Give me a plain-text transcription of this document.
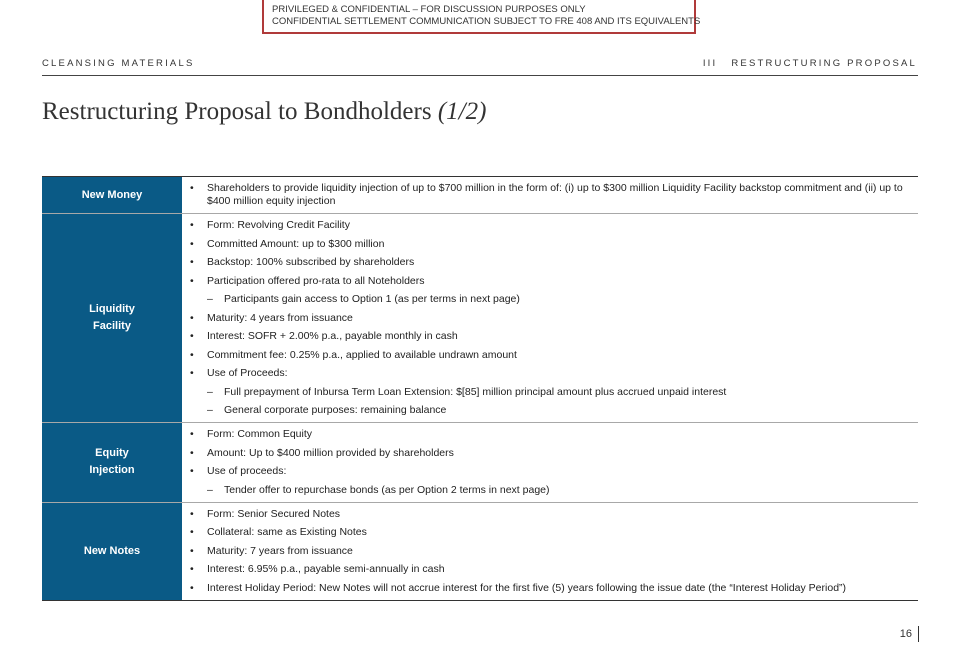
PRIVILEGED & CONFIDENTIAL – FOR DISCUSSION PURPOSES ONLY
CONFIDENTIAL SETTLEMENT COMMUNICATION SUBJECT TO FRE 408 AND ITS EQUIVALENTS
CLEANSING MATERIALS	III RESTRUCTURING PROPOSAL
Restructuring Proposal to Bondholders (1/2)
New Money
• Shareholders to provide liquidity injection of up to $700 million in the form of: (i) up to $300 million Liquidity Facility backstop commitment and (ii) up to $400 million equity injection
Liquidity
Facility
• Form: Revolving Credit Facility
• Committed Amount: up to $300 million
• Backstop: 100% subscribed by shareholders
• Participation offered pro-rata to all Noteholders
– Participants gain access to Option 1 (as per terms in next page)
• Maturity: 4 years from issuance
• Interest: SOFR + 2.00% p.a., payable monthly in cash
• Commitment fee: 0.25% p.a., applied to available undrawn amount
• Use of Proceeds:
– Full prepayment of Inbursa Term Loan Extension: $[85] million principal amount plus accrued unpaid interest
– General corporate purposes: remaining balance
Equity
Injection
• Form: Common Equity
• Amount: Up to $400 million provided by shareholders
• Use of proceeds:
– Tender offer to repurchase bonds (as per Option 2 terms in next page)
New Notes
• Form: Senior Secured Notes
• Collateral: same as Existing Notes
• Maturity: 7 years from issuance
• Interest: 6.95% p.a., payable semi-annually in cash
• Interest Holiday Period: New Notes will not accrue interest for the first five (5) years following the issue date (the “Interest Holiday Period”)
16
